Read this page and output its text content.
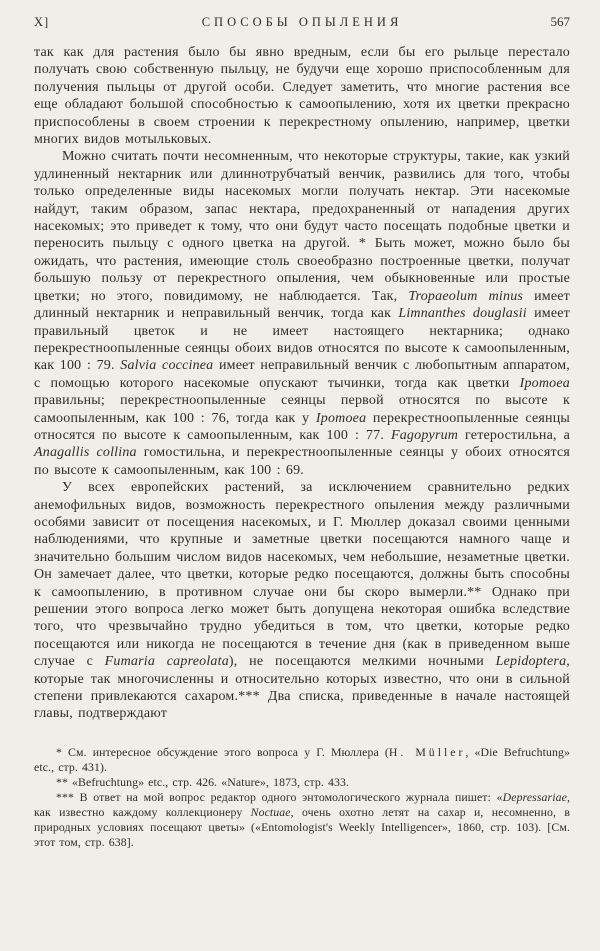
X]	СПОСОБЫ ОПЫЛЕНИЯ	567

так как для растения было бы явно вредным, если бы его рыльце перестало получать свою собственную пыльцу, не будучи еще хорошо приспособленным для получения пыльцы от другой особи. Следует заметить, что многие растения все еще обладают большой способностью к самоопылению, хотя их цветки прекрасно приспособлены в своем строении к перекрестному опылению, например, цветки многих видов мотыльковых.

Можно считать почти несомненным, что некоторые структуры, такие, как узкий удлиненный нектарник или длиннотрубчатый венчик, развились для того, чтобы только определенные виды насекомых могли получать нектар. Эти насекомые найдут, таким образом, запас нектара, предохраненный от нападения других насекомых; это приведет к тому, что они будут часто посещать подобные цветки и переносить пыльцу с одного цветка на другой. * Быть может, можно было бы ожидать, что растения, имеющие столь своеобразно построенные цветки, получат большую пользу от перекрестного опыления, чем обыкновенные или простые цветки; но этого, повидимому, не наблюдается. Так, Tropaeolum minus имеет длинный нектарник и неправильный венчик, тогда как Limnanthes douglasii имеет правильный цветок и не имеет настоящего нектарника; однако перекрестноопыленные сеянцы обоих видов относятся по высоте к самоопыленным, как 100 : 79. Salvia coccinea имеет неправильный венчик с любопытным аппаратом, с помощью которого насекомые опускают тычинки, тогда как цветки Ipomoea правильны; перекрестноопыленные сеянцы первой относятся по высоте к самоопыленным, как 100 : 76, тогда как у Ipomoea перекрестноопыленные сеянцы относятся по высоте к самоопыленным, как 100 : 77. Fagopyrum гетеростильна, а Anagallis collina гомостильна, и перекрестноопыленные сеянцы у обоих относятся по высоте к самоопыленным, как 100 : 69.

У всех европейских растений, за исключением сравнительно редких анемофильных видов, возможность перекрестного опыления между различными особями зависит от посещения насекомых, и Г. Мюллер доказал своими ценными наблюдениями, что крупные и заметные цветки посещаются намного чаще и значительно большим числом видов насекомых, чем небольшие, незаметные цветки. Он замечает далее, что цветки, которые редко посещаются, должны быть способны к самоопылению, в противном случае они бы скоро вымерли.** Однако при решении этого вопроса легко может быть допущена некоторая ошибка вследствие того, что чрезвычайно трудно убедиться в том, что цветки, которые редко посещаются или никогда не посещаются в течение дня (как в приведенном выше случае с Fumaria capreolata), не посещаются мелкими ночными Lepidoptera, которые так многочисленны и относительно которых известно, что они в сильной степени привлекаются сахаром.*** Два списка, приведенные в начале настоящей главы, подтверждают

* См. интересное обсуждение этого вопроса у Г. Мюллера (H. Müller, «Die Befruchtung» etc., стр. 431).

** «Befruchtung» etc., стр. 426. «Nature», 1873, стр. 433.

*** В ответ на мой вопрос редактор одного энтомологического журнала пишет: «Depressariae, как известно каждому коллекционеру Noctuae, очень охотно летят на сахар и, несомненно, в природных условиях посещают цветы» («Entomologist's Weekly Intelligencer», 1860, стр. 103). [См. этот том, стр. 638].
